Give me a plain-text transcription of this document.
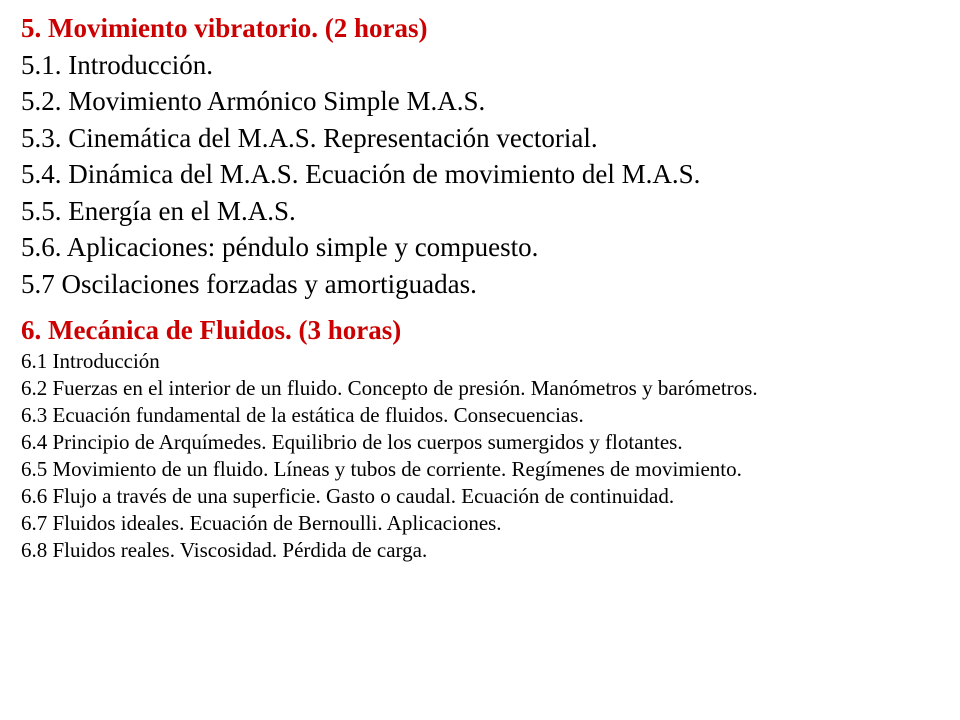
5. Movimiento vibratorio. (2 horas)
5.1. Introducción.
5.2. Movimiento Armónico Simple M.A.S.
5.3. Cinemática del M.A.S. Representación vectorial.
5.4. Dinámica del M.A.S. Ecuación de movimiento del M.A.S.
5.5. Energía en el M.A.S.
5.6. Aplicaciones: péndulo simple y compuesto.
5.7 Oscilaciones forzadas y amortiguadas.
6. Mecánica de Fluidos. (3 horas)
6.1 Introducción
6.2 Fuerzas en el interior de un fluido. Concepto de presión. Manómetros y barómetros.
6.3 Ecuación fundamental de la estática de fluidos. Consecuencias.
6.4 Principio de Arquímedes. Equilibrio de los cuerpos sumergidos y flotantes.
6.5 Movimiento de un fluido. Líneas y tubos de corriente. Regímenes de movimiento.
6.6 Flujo a través de una superficie. Gasto o caudal. Ecuación de continuidad.
6.7 Fluidos ideales. Ecuación de Bernoulli. Aplicaciones.
6.8 Fluidos reales. Viscosidad. Pérdida de carga.
